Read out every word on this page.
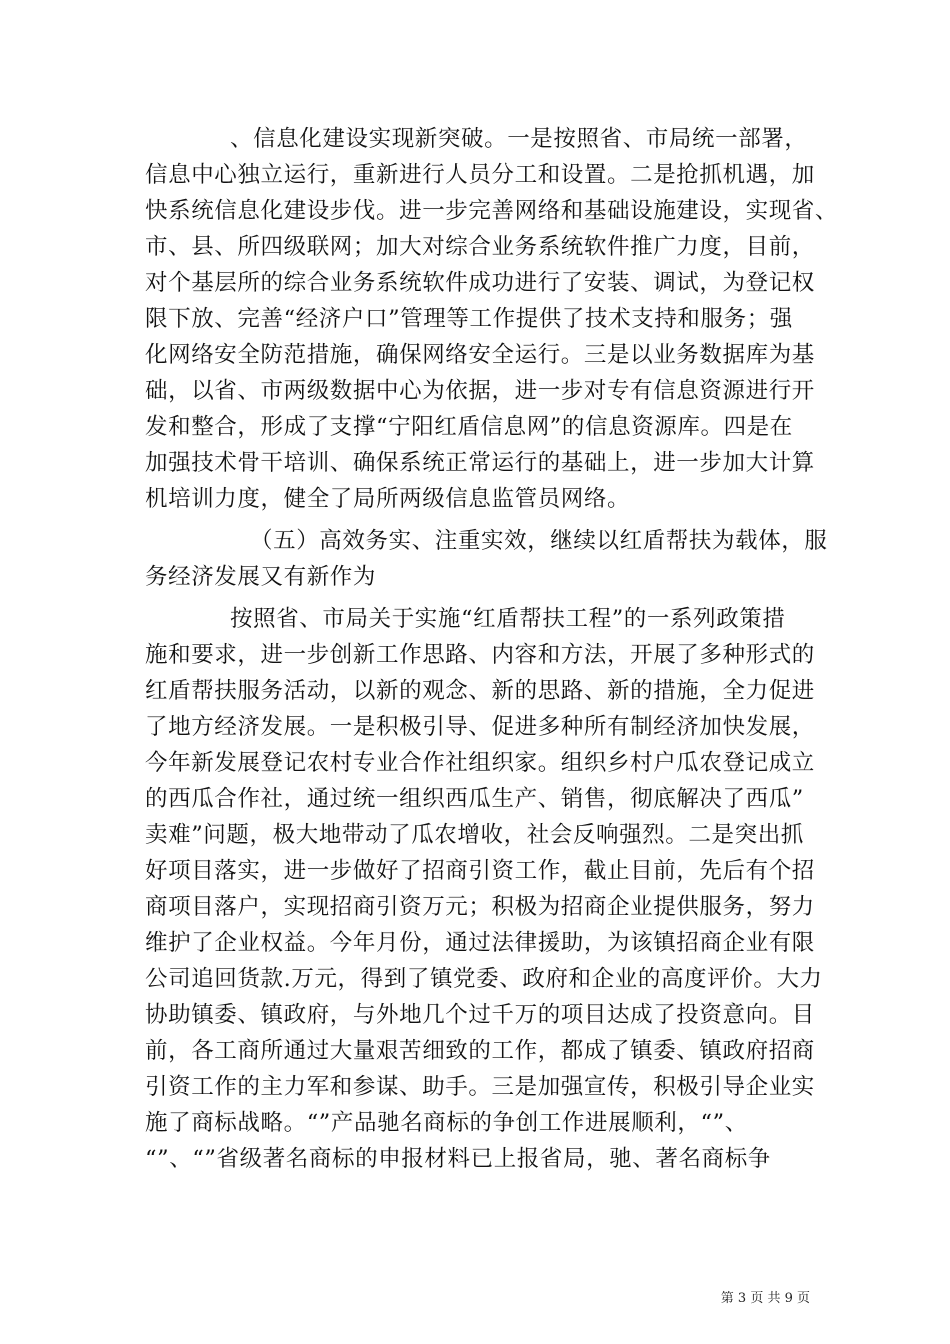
、信息化建设实现新突破。一是按照省、市局统一部署，

信息中心独立运行，重新进行人员分工和设置。二是抢抓机遇，加

快系统信息化建设步伐。进一步完善网络和基础设施建设，实现省、

市、县、所四级联网；加大对综合业务系统软件推广力度，目前，

对个基层所的综合业务系统软件成功进行了安装、调试，为登记权

限下放、完善“经济户口”管理等工作提供了技术支持和服务；强

化网络安全防范措施，确保网络安全运行。三是以业务数据库为基

础，以省、市两级数据中心为依据，进一步对专有信息资源进行开

发和整合，形成了支撑“宁阳红盾信息网”的信息资源库。四是在

加强技术骨干培训、确保系统正常运行的基础上，进一步加大计算

机培训力度，健全了局所两级信息监管员网络。

（五）高效务实、注重实效，继续以红盾帮扶为载体，服

务经济发展又有新作为

按照省、市局关于实施“红盾帮扶工程”的一系列政策措

施和要求，进一步创新工作思路、内容和方法，开展了多种形式的

红盾帮扶服务活动，以新的观念、新的思路、新的措施，全力促进

了地方经济发展。一是积极引导、促进多种所有制经济加快发展，

今年新发展登记农村专业合作社组织家。组织乡村户瓜农登记成立

的西瓜合作社，通过统一组织西瓜生产、销售，彻底解决了西瓜”

卖难”问题，极大地带动了瓜农增收，社会反响强烈。二是突出抓

好项目落实，进一步做好了招商引资工作，截止目前，先后有个招

商项目落户，实现招商引资万元；积极为招商企业提供服务，努力

维护了企业权益。今年月份，通过法律援助，为该镇招商企业有限

公司追回货款.万元，得到了镇党委、政府和企业的高度评价。大力

协助镇委、镇政府，与外地几个过千万的项目达成了投资意向。目

前，各工商所通过大量艰苦细致的工作，都成了镇委、镇政府招商

引资工作的主力军和参谋、助手。三是加强宣传，积极引导企业实

施了商标战略。“”产品驰名商标的争创工作进展顺利，“”、

“”、“”省级著名商标的申报材料已上报省局，驰、著名商标争

第 3 页 共 9 页
